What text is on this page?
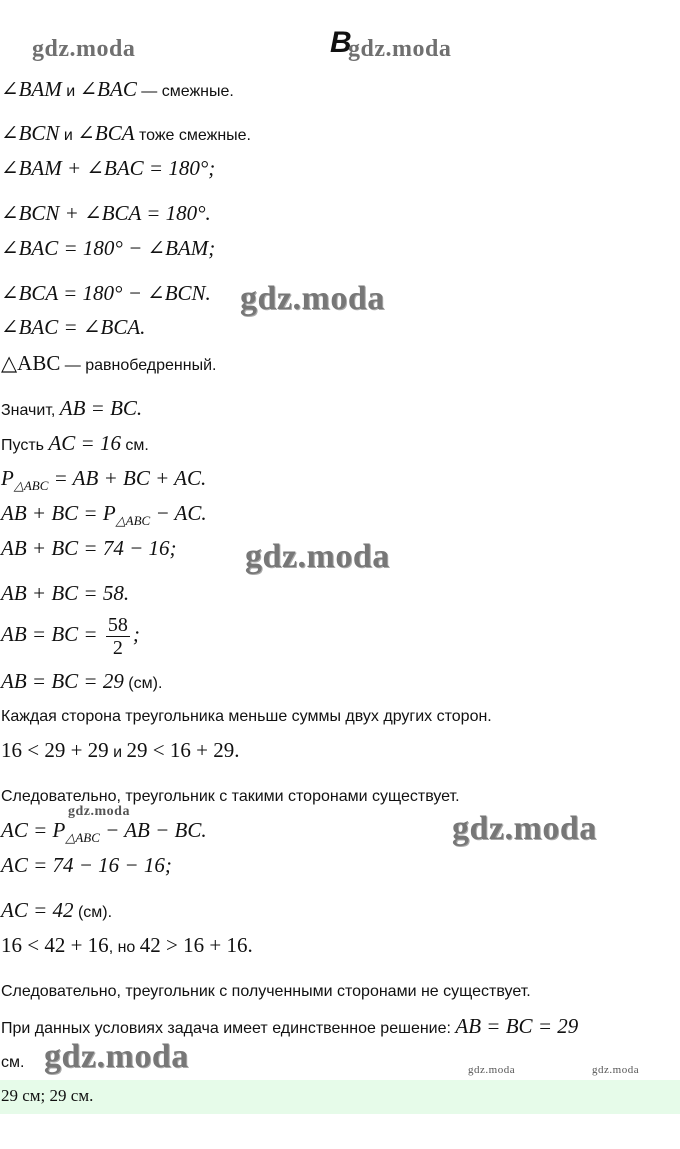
gdz.moda	В
gdz.moda
∠BAM и ∠BAC — смежные.
∠BCN и ∠BCA тоже смежные.
∠BAM + ∠BAC = 180°;
∠BCN + ∠BCA = 180°.
∠BAC = 180° − ∠BAM;
∠BCA = 180° − ∠BCN.
∠BAC = ∠BCA.
△ABC — равнобедренный.
Значит, AB = BC.
Пусть AC = 16 см.
$P_{\triangle ABC}$ = AB + BC + AC.
AB + BC = $P_{\triangle ABC}$ − AC.
AB + BC = 74 − 16;
AB + BC = 58.
AB = BC = $\frac{58}{2}$ ;
AB = BC = 29 (см).
Каждая сторона треугольника меньше суммы двух других сторон.
16 < 29 + 29 и 29 < 16 + 29.
Следовательно, треугольник с такими сторонами существует.
AC = $P_{\triangle ABC}$ − AB − BC.
AC = 74 − 16 − 16;
AC = 42 (см).
16 < 42 + 16, но 42 > 16 + 16.
Следовательно, треугольник с полученными сторонами не существует.
При данных условиях задача имеет единственное решение: AB = BC = 29
см.
gdz.moda
gdz.moda
gdz.moda	gdz.moda
gdz.moda	gdz.moda	gdz.moda
29 см; 29 см.
